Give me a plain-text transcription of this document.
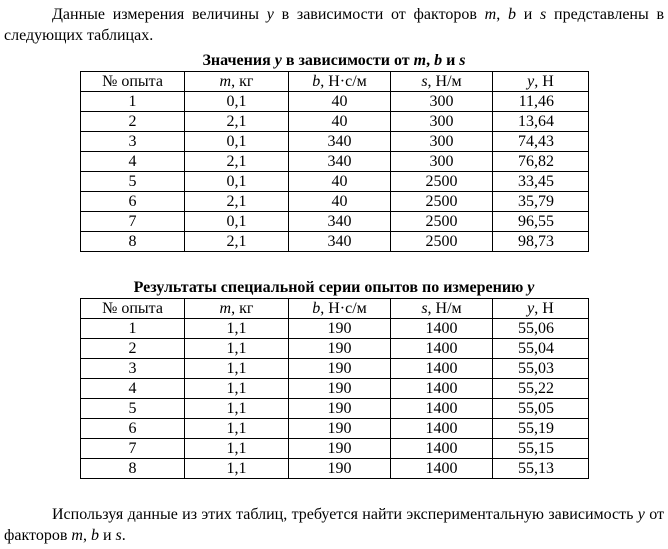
Данные измерения величины y в зависимости от факторов m, b и s представлены в следующих таблицах.

Значения y в зависимости от m, b и s

№ опыта	m, кг	b, Н·с/м	s, Н/м	y, Н
1	0,1	40	300	11,46
2	2,1	40	300	13,64
3	0,1	340	300	74,43
4	2,1	340	300	76,82
5	0,1	40	2500	33,45
6	2,1	40	2500	35,79
7	0,1	340	2500	96,55
8	2,1	340	2500	98,73

Результаты специальной серии опытов по измерению y

№ опыта	m, кг	b, Н·с/м	s, Н/м	y, Н
1	1,1	190	1400	55,06
2	1,1	190	1400	55,04
3	1,1	190	1400	55,03
4	1,1	190	1400	55,22
5	1,1	190	1400	55,05
6	1,1	190	1400	55,19
7	1,1	190	1400	55,15
8	1,1	190	1400	55,13

Используя данные из этих таблиц, требуется найти экспериментальную зависимость y от факторов m, b и s.
